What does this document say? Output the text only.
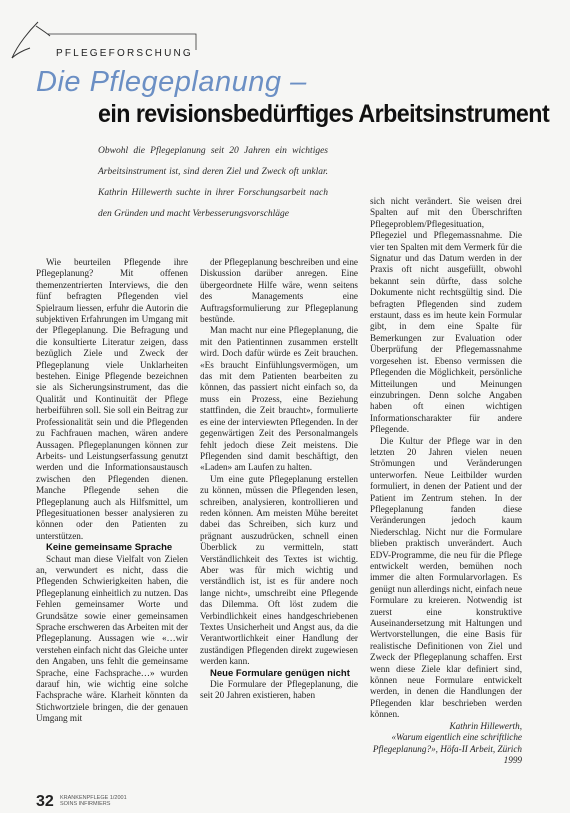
PFLEGEFORSCHUNG
Die Pflegeplanung –
ein revisionsbedürftiges Arbeitsinstrument
Obwohl die Pflegeplanung seit 20 Jahren ein wichtiges Arbeitsinstrument ist, sind deren Ziel und Zweck oft unklar. Kathrin Hillewerth suchte in ihrer Forschungsarbeit nach den Gründen und macht Verbesserungsvorschläge

Wie beurteilen Pflegende ihre Pflegeplanung? Mit offenen themenzentrierten Interviews, die den fünf befragten Pflegenden viel Spielraum liessen, erfuhr die Autorin die subjektiven Erfahrungen im Umgang mit der Pflegeplanung. Die Befragung und die konsultierte Literatur zeigen, dass bezüglich Ziele und Zweck der Pflegeplanung viele Unklarheiten bestehen. Einige Pflegende bezeichnen sie als Sicherungsinstrument, das die Qualität und Kontinuität der Pflege herbeiführen soll. Sie soll ein Beitrag zur Professionalität sein und die Pflegenden zu Fachfrauen machen, wären andere Aussagen. Pflegeplanungen können zur Arbeits- und Leistungserfassung genutzt werden und die Informationsaustausch zwischen den Pflegenden dienen. Manche Pflegende sehen die Pflegeplanung auch als Hilfsmittel, um Pflegesituationen besser analysieren zu können oder den Patienten zu unterstützen.

Keine gemeinsame Sprache

Schaut man diese Vielfalt von Zielen an, verwundert es nicht, dass die Pflegenden Schwierigkeiten haben, die Pflegeplanung einheitlich zu nutzen. Das Fehlen gemeinsamer Worte und Grundsätze sowie einer gemeinsamen Sprache erschweren das Arbeiten mit der Pflegeplanung. Aussagen wie «…wir verstehen einfach nicht das Gleiche unter den Angaben, uns fehlt die gemeinsame Sprache, eine Fachsprache…» wurden darauf hin, wie wichtig eine solche Fachsprache wäre. Klarheit könnten da Stichwortziele bringen, die der genauen Umgang mit

der Pflegeplanung beschreiben und eine Diskussion darüber anregen. Eine übergeordnete Hilfe wäre, wenn seitens des Managements eine Auftragsformulierung zur Pflegeplanung bestünde.

Man macht nur eine Pflegeplanung, die mit den Patientinnen zusammen erstellt wird. Doch dafür würde es Zeit brauchen. «Es braucht Einfühlungsvermögen, um das mit dem Patienten bearbeiten zu können, das passiert nicht einfach so, da muss ein Prozess, eine Beziehung stattfinden, die Zeit braucht», formulierte es eine der interviewten Pflegenden. In der gegenwärtigen Zeit des Personalmangels fehlt jedoch diese Zeit meistens. Die Pflegenden sind damit beschäftigt, den «Laden» am Laufen zu halten.

Um eine gute Pflegeplanung erstellen zu können, müssen die Pflegenden lesen, schreiben, analysieren, kontrollieren und reden können. Am meisten Mühe bereitet dabei das Schreiben, sich kurz und prägnant auszudrücken, schnell einen Überblick zu vermitteln, statt Verständlichkeit des Textes ist wichtig. Aber was für mich wichtig und verständlich ist, ist es für andere noch lange nicht», umschreibt eine Pflegende das Dilemma. Oft löst zudem die Verbindlichkeit eines handgeschriebenen Textes Unsicherheit und Angst aus, da die Verantwortlichkeit einer Handlung der zuständigen Pflegenden direkt zugewiesen werden kann.

Neue Formulare genügen nicht

Die Formulare der Pflegeplanung, die seit 20 Jahren existieren, haben

sich nicht verändert. Sie weisen drei Spalten auf mit den Überschriften Pflegeproblem/Pflegesituation, Pflegeziel und Pflegemassnahme. Die vier ten Spalten mit dem Vermerk für die Signatur und das Datum werden in der Praxis oft nicht ausgefüllt, obwohl bekannt sein dürfte, dass solche Dokumente nicht rechtsgültig sind. Die befragten Pflegenden sind zudem erstaunt, dass es im heute kein Formular gibt, in dem eine Spalte für Bemerkungen zur Evaluation oder Überprüfung der Pflegemassnahme vorgesehen ist. Ebenso vermissen die Pflegenden die Möglichkeit, persönliche Mitteilungen und Meinungen einzubringen. Denn solche Angaben haben oft einen wichtigen Informationscharakter für andere Pflegende.

Die Kultur der Pflege war in den letzten 20 Jahren vielen neuen Strömungen und Veränderungen unterworfen. Neue Leitbilder wurden formuliert, in denen der Patient und der Patient im Zentrum stehen. In der Pflegeplanung fanden diese Veränderungen jedoch kaum Niederschlag. Nicht nur die Formulare blieben praktisch unverändert. Auch EDV-Programme, die neu für die Pflege entwickelt werden, bemühen noch immer die alten Formularvorlagen. Es genügt nun allerdings nicht, einfach neue Formulare zu kreieren. Notwendig ist zuerst eine konstruktive Auseinandersetzung mit Haltungen und Wertvorstellungen, die eine Basis für realistische Definitionen von Ziel und Zweck der Pflegeplanung schaffen. Erst wenn diese Ziele klar definiert sind, können neue Formulare entwickelt werden, in denen die Handlungen der Pflegenden klar beschrieben werden können.

Kathrin Hillewerth,
«Warum eigentlich eine schriftliche Pflegeplanung?», Höfa-II Arbeit, Zürich 1999
32 KRANKENPFLEGE 1/2001
SOINS INFIRMIERS
